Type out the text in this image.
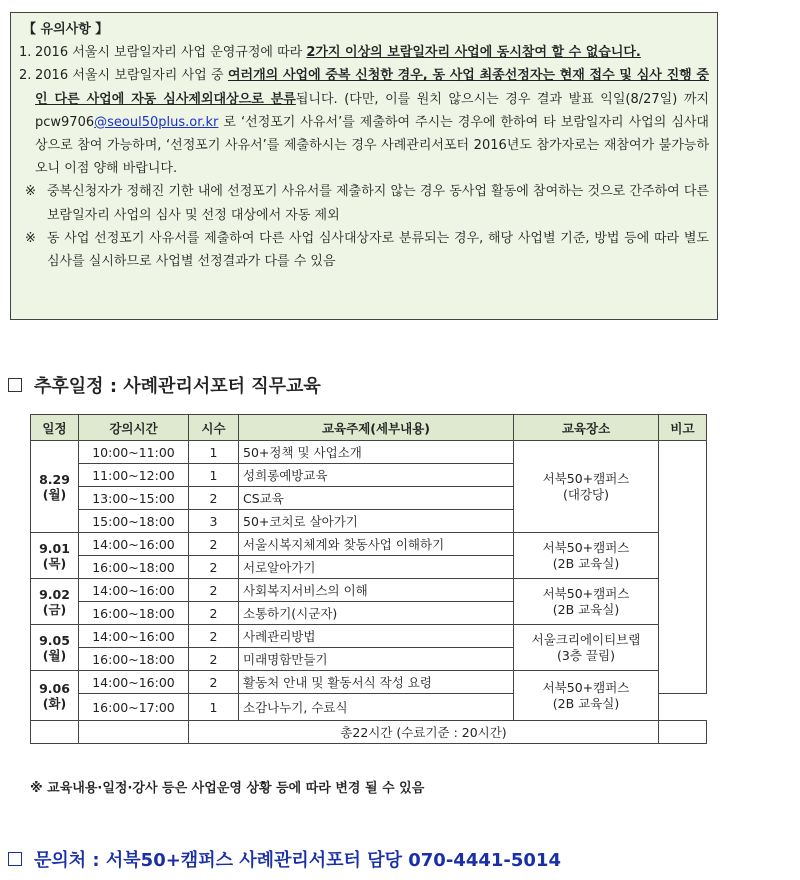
【 유의사항 】

1. 2016 서울시 보람일자리 사업 운영규정에 따라 2가지 이상의 보람일자리 사업에 동시참여 할 수 없습니다.
2. 2016 서울시 보람일자리 사업 중 여러개의 사업에 중복 신청한 경우, 동 사업 최종선정자는 현재 접수 및 심사 진행 중인 다른 사업에 자동 심사제외대상으로 분류됩니다. (다만, 이를 원치 않으시는 경우 결과 발표 익일(8/27일) 까지 pcw9706@seoul50plus.or.kr 로 ‘선정포기 사유서’를 제출하여 주시는 경우에 한하여 타 보람일자리 사업의 심사대상으로 참여 가능하며, ‘선정포기 사유서’를 제출하시는 경우 사례관리서포터 2016년도 참가자로는 재참여가 불가능하오니 이점 양해 바랍니다.
※ 중복신청자가 정해진 기한 내에 선정포기 사유서를 제출하지 않는 경우 동사업 활동에 참여하는 것으로 간주하여 다른 보람일자리 사업의 심사 및 선정 대상에서 자동 제외
※ 동 사업 선정포기 사유서를 제출하여 다른 사업 심사대상자로 분류되는 경우, 해당 사업별 기준, 방법 등에 따라 별도 심사를 실시하므로 사업별 선정결과가 다를 수 있음
추후일정 : 사례관리서포터 직무교육
일정	강의시간	시수	교육주제(세부내용)	교육장소	비고
8.29
(월)	10:00~11:00	1	50+정책 및 사업소개	서북50+캠퍼스
(대강당)	
	11:00~12:00	1	성희롱예방교육		
	13:00~15:00	2	CS교육		
	15:00~18:00	3	50+코치로 살아가기		
9.01
(목)	14:00~16:00	2	서울시복지체계와 찾동사업 이해하기	서북50+캠퍼스
(2B 교육실)	
	16:00~18:00	2	서로알아가기		
9.02
(금)	14:00~16:00	2	사회복지서비스의 이해	서북50+캠퍼스
(2B 교육실)	
	16:00~18:00	2	소통하기(시군자)		
9.05
(월)	14:00~16:00	2	사례관리방법	서울크리에이티브랩
(3층 끌림)	
	16:00~18:00	2	미래명함만들기		
9.06
(화)	14:00~16:00	2	활동처 안내 및 활동서식 작성 요령	서북50+캠퍼스
(2B 교육실)	
	16:00~17:00	1	소감나누기, 수료식		
		총22시간 (수료기준 : 20시간)			
※ 교육내용·일정·강사 등은 사업운영 상황 등에 따라 변경 될 수 있음
문의처 : 서북50+캠퍼스 사례관리서포터 담당 070-4441-5014
